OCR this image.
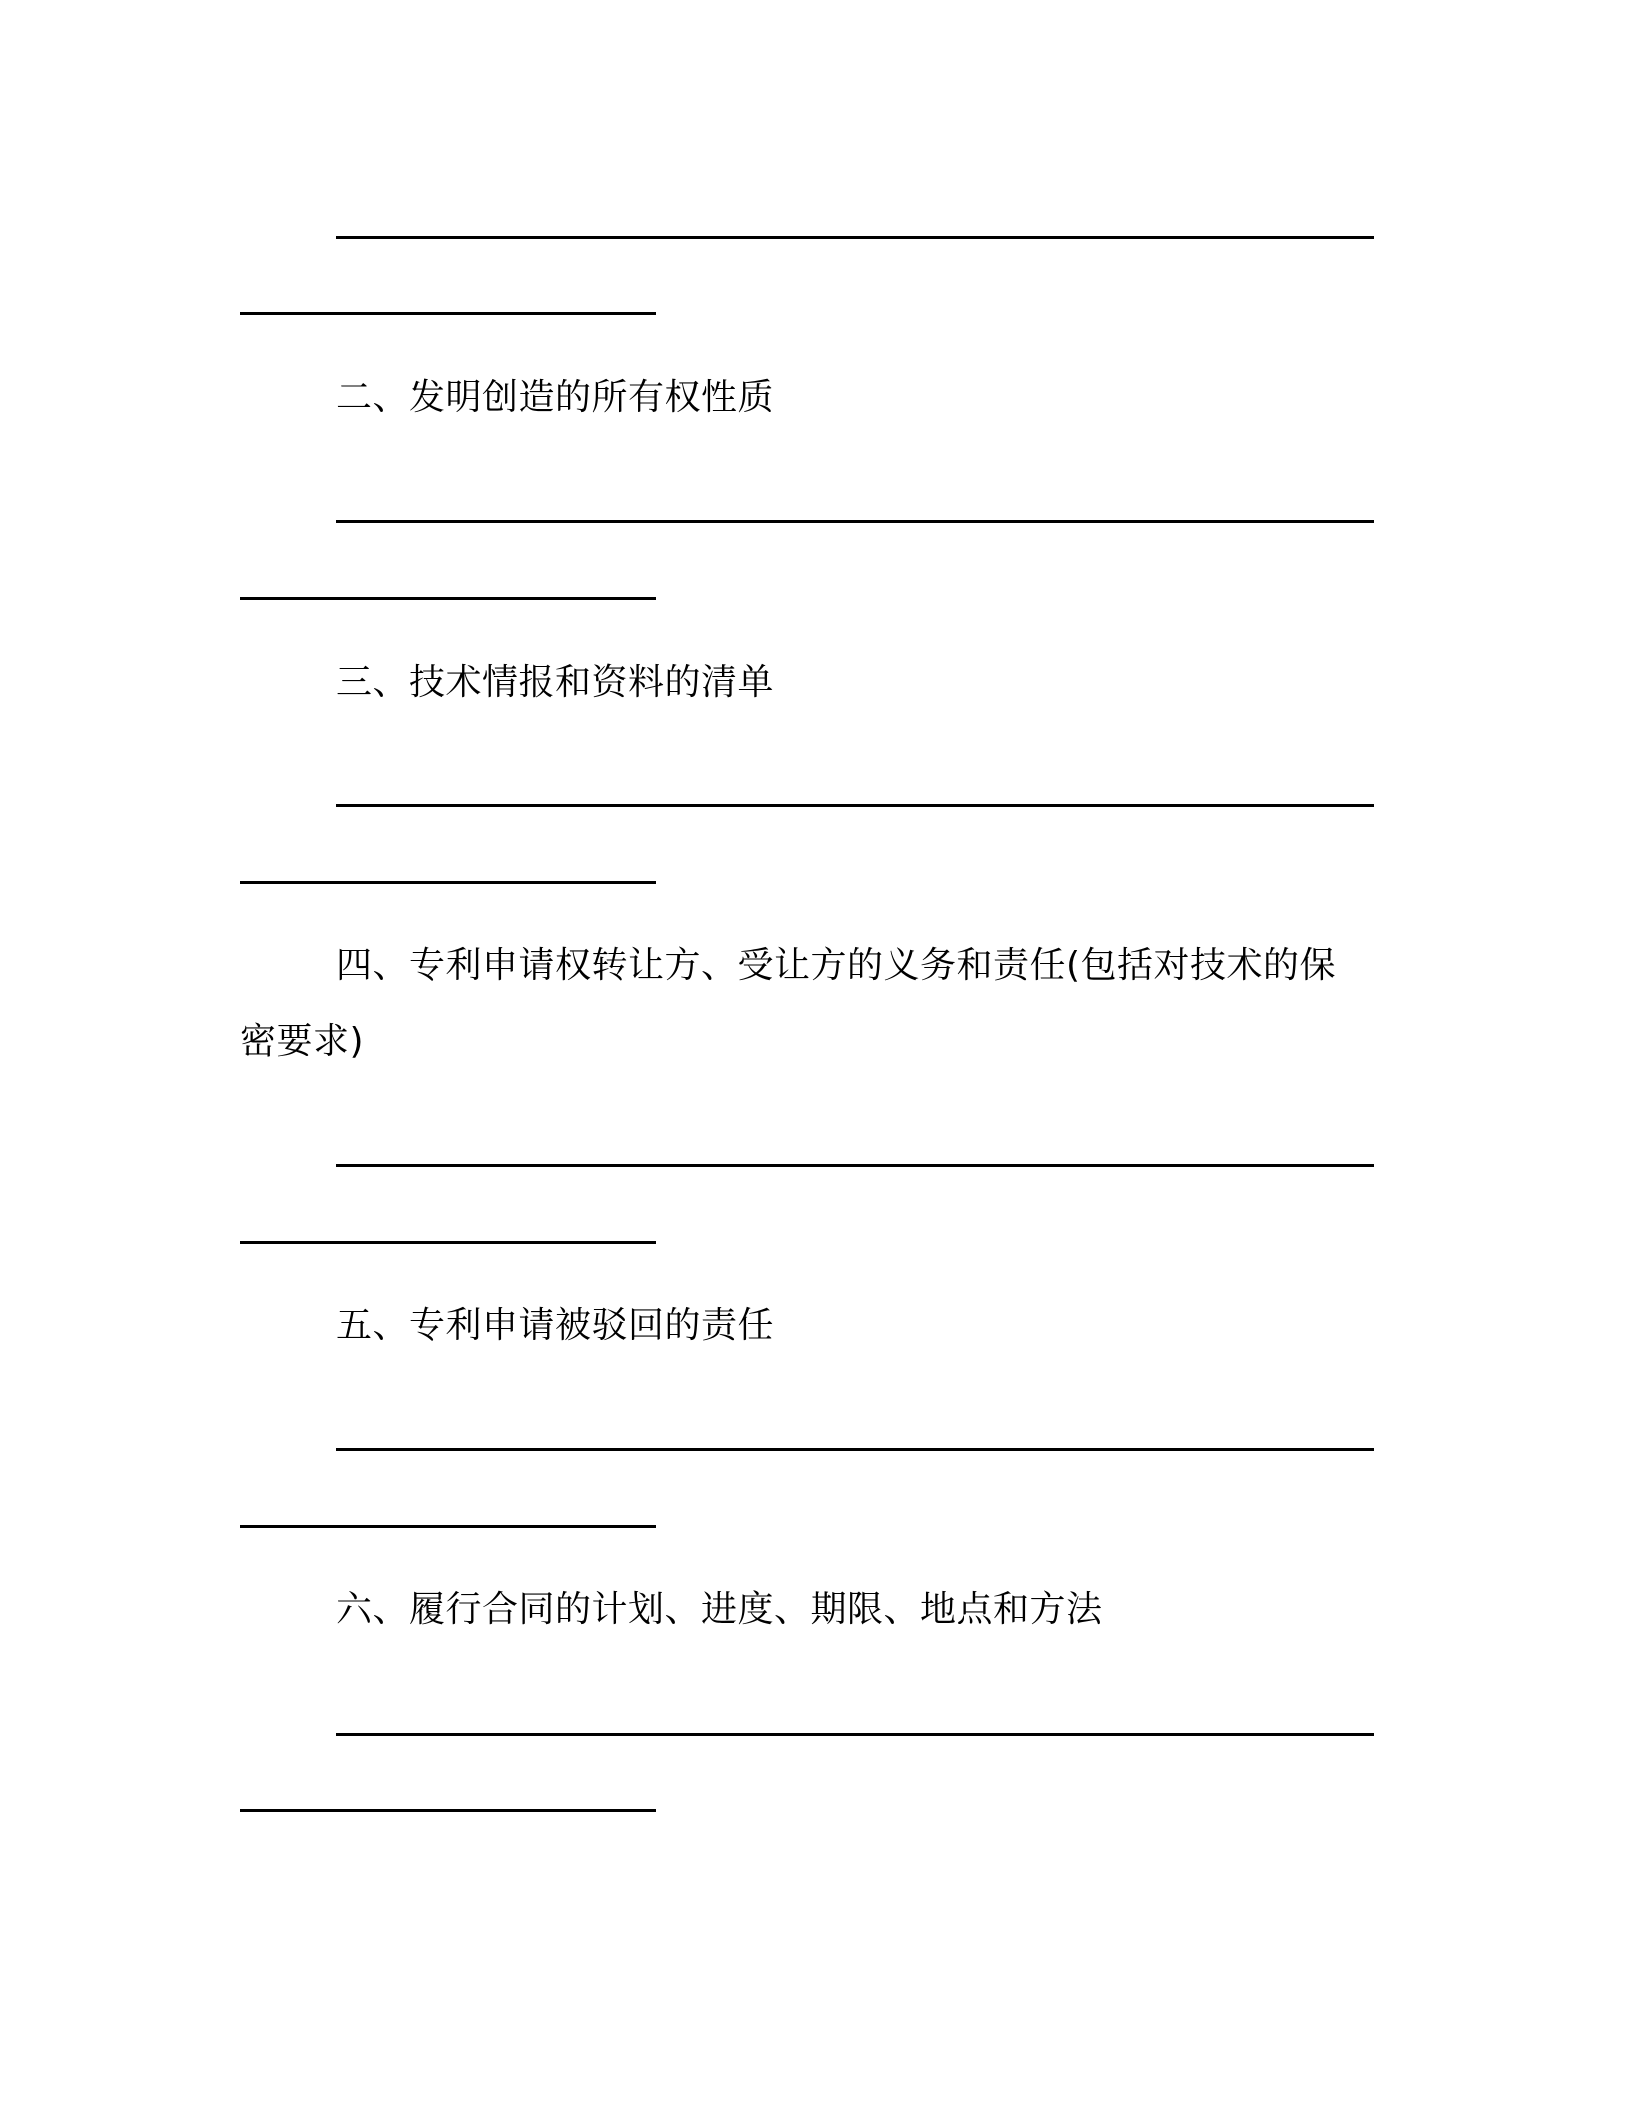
二、发明创造的所有权性质
三、技术情报和资料的清单
四、专利申请权转让方、受让方的义务和责任(包括对技术的保
密要求)
五、专利申请被驳回的责任
六、履行合同的计划、进度、期限、地点和方法
